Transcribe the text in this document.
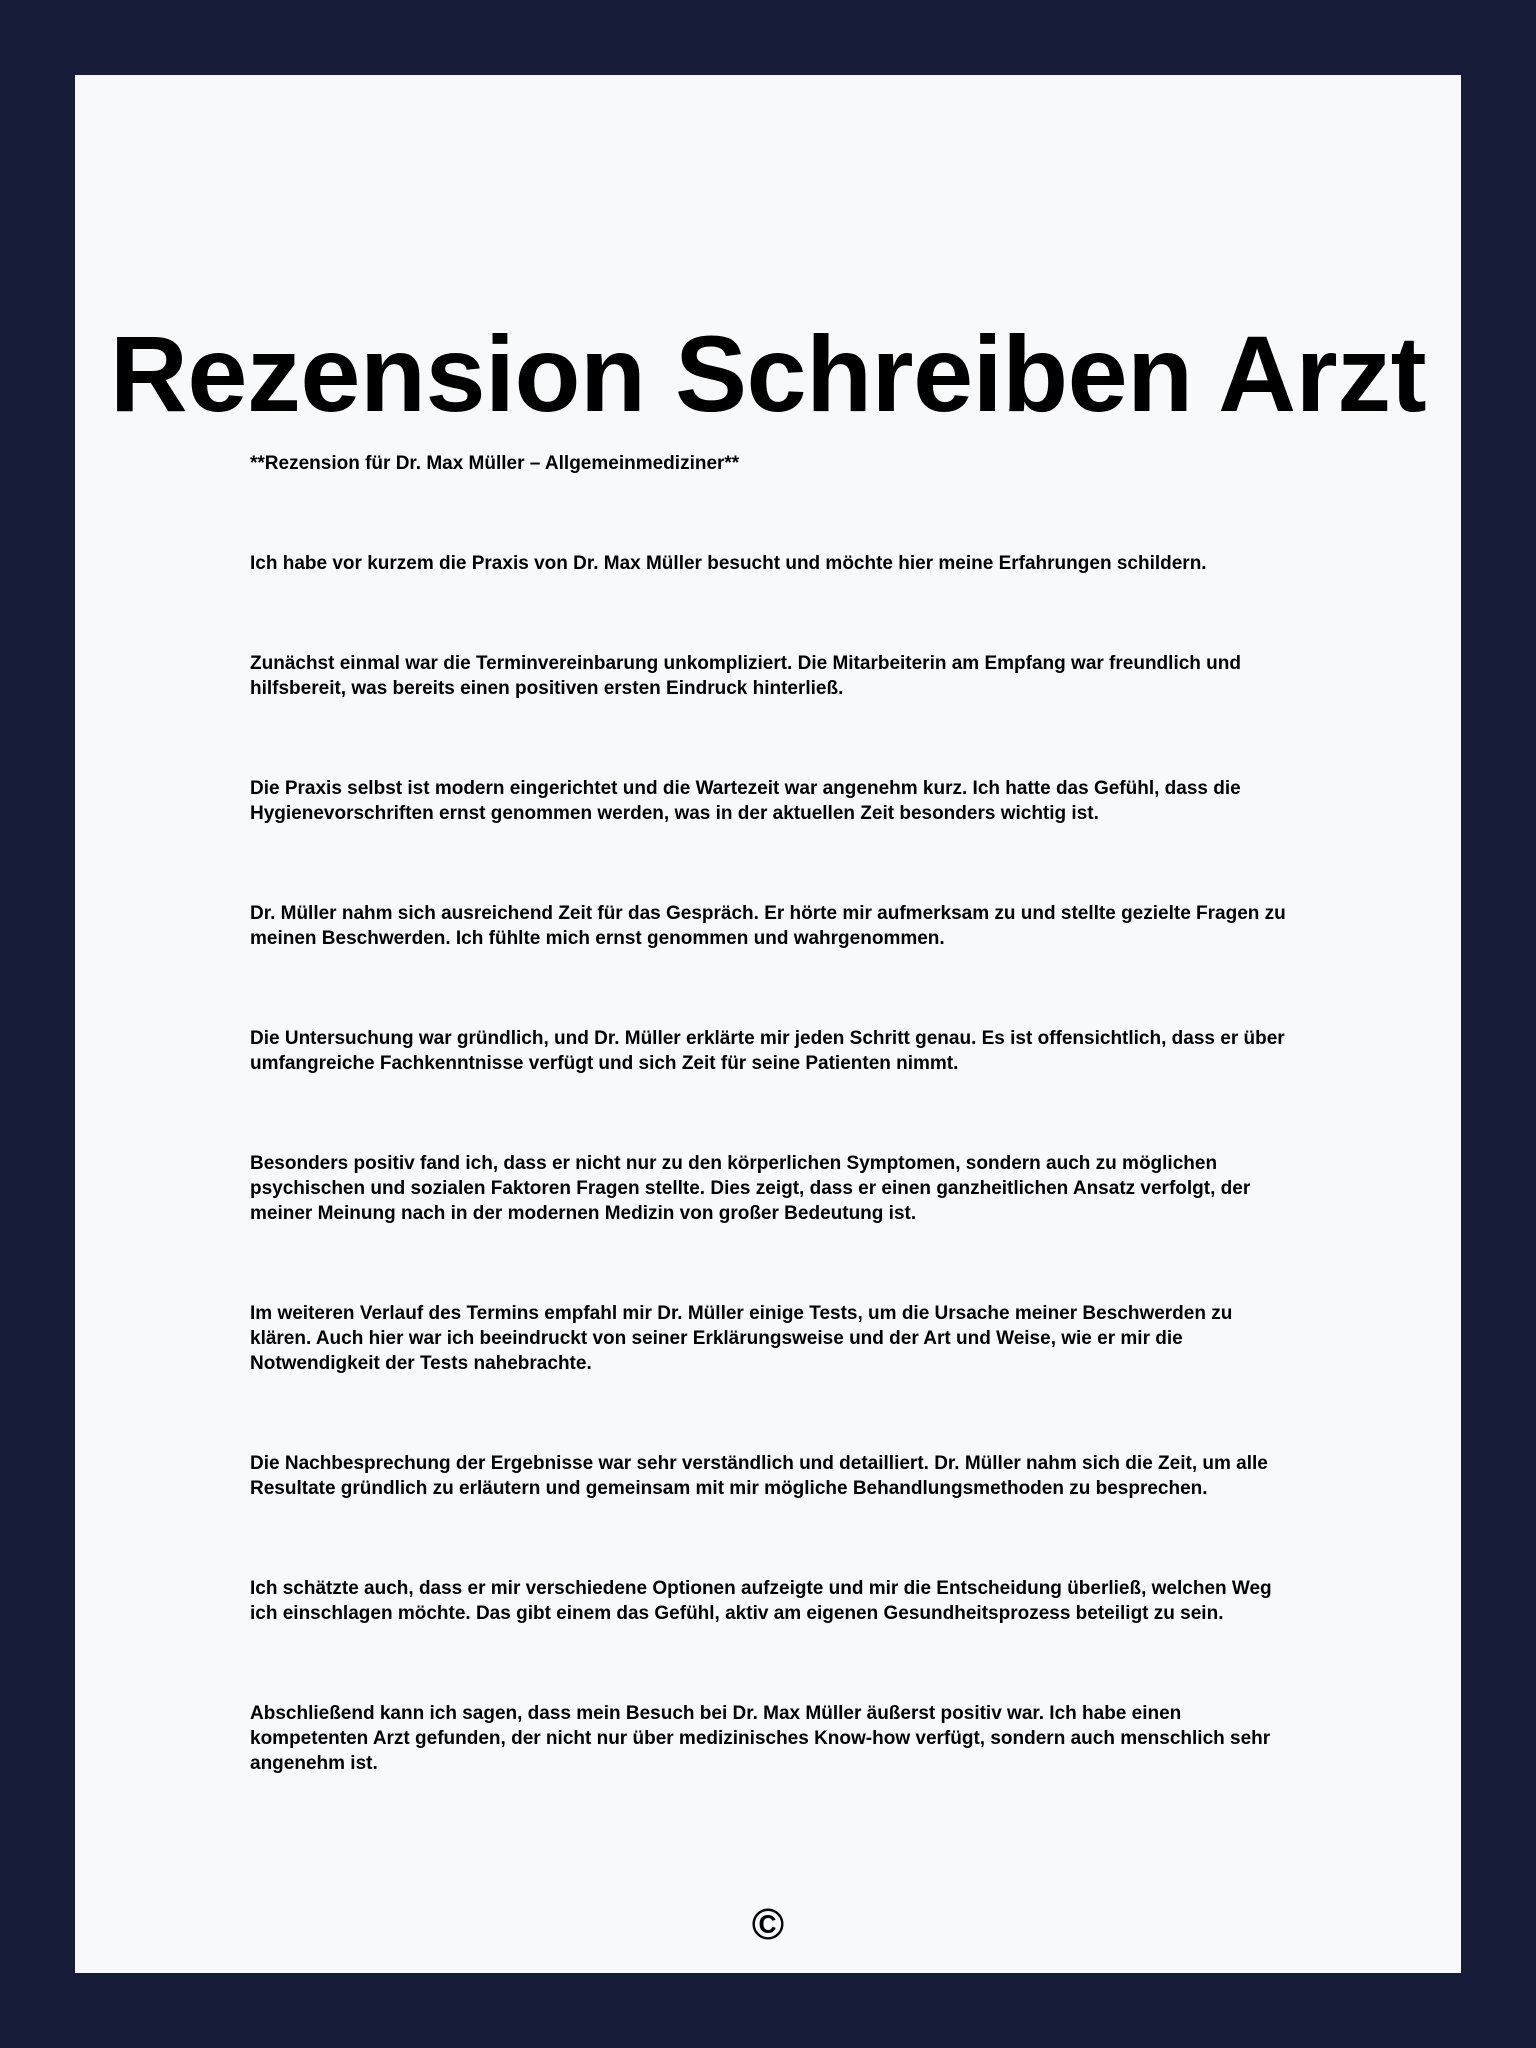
Rezension Schreiben Arzt

**Rezension für Dr. Max Müller – Allgemeinmediziner**

Ich habe vor kurzem die Praxis von Dr. Max Müller besucht und möchte hier meine Erfahrungen schildern.

Zunächst einmal war die Terminvereinbarung unkompliziert. Die Mitarbeiterin am Empfang war freundlich und hilfsbereit, was bereits einen positiven ersten Eindruck hinterließ.

Die Praxis selbst ist modern eingerichtet und die Wartezeit war angenehm kurz. Ich hatte das Gefühl, dass die Hygienevorschriften ernst genommen werden, was in der aktuellen Zeit besonders wichtig ist.

Dr. Müller nahm sich ausreichend Zeit für das Gespräch. Er hörte mir aufmerksam zu und stellte gezielte Fragen zu meinen Beschwerden. Ich fühlte mich ernst genommen und wahrgenommen.

Die Untersuchung war gründlich, und Dr. Müller erklärte mir jeden Schritt genau. Es ist offensichtlich, dass er über umfangreiche Fachkenntnisse verfügt und sich Zeit für seine Patienten nimmt.

Besonders positiv fand ich, dass er nicht nur zu den körperlichen Symptomen, sondern auch zu möglichen psychischen und sozialen Faktoren Fragen stellte. Dies zeigt, dass er einen ganzheitlichen Ansatz verfolgt, der meiner Meinung nach in der modernen Medizin von großer Bedeutung ist.

Im weiteren Verlauf des Termins empfahl mir Dr. Müller einige Tests, um die Ursache meiner Beschwerden zu klären. Auch hier war ich beeindruckt von seiner Erklärungsweise und der Art und Weise, wie er mir die Notwendigkeit der Tests nahebrachte.

Die Nachbesprechung der Ergebnisse war sehr verständlich und detailliert. Dr. Müller nahm sich die Zeit, um alle Resultate gründlich zu erläutern und gemeinsam mit mir mögliche Behandlungsmethoden zu besprechen.

Ich schätzte auch, dass er mir verschiedene Optionen aufzeigte und mir die Entscheidung überließ, welchen Weg ich einschlagen möchte. Das gibt einem das Gefühl, aktiv am eigenen Gesundheitsprozess beteiligt zu sein.

Abschließend kann ich sagen, dass mein Besuch bei Dr. Max Müller äußerst positiv war. Ich habe einen kompetenten Arzt gefunden, der nicht nur über medizinisches Know-how verfügt, sondern auch menschlich sehr angenehm ist.

©
